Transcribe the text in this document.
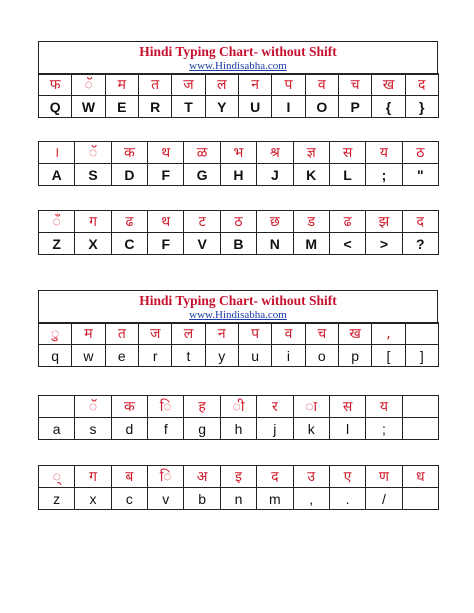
Hindi Typing Chart- without Shift
www.Hindisabha.com
फ	ॅ	म	त	ज	ल	न	प	व	च	ख	द
Q	W	E	R	T	Y	U	I	O	P	{	}
।	ॅ	क	थ	ळ	भ	श्र	ज्ञ	स	य	ठ
A	S	D	F	G	H	J	K	L	;	"
ँ	ग	ढ	थ	ट	ठ	छ	ड	ढ	झ	द
Z	X	C	F	V	B	N	M	<	>	?
Hindi Typing Chart- without Shift
www.Hindisabha.com
ु	म	त	ज	ल	न	प	व	च	ख	,	
q	w	e	r	t	y	u	i	o	p	[	]
	ॅ	क	ि	ह	ी	र	ा	स	य	
a	s	d	f	g	h	j	k	l	;	
्	ग	ब	ि	अ	इ	द	उ	ए	ण	ध
z	x	c	v	b	n	m	,	.	/	
